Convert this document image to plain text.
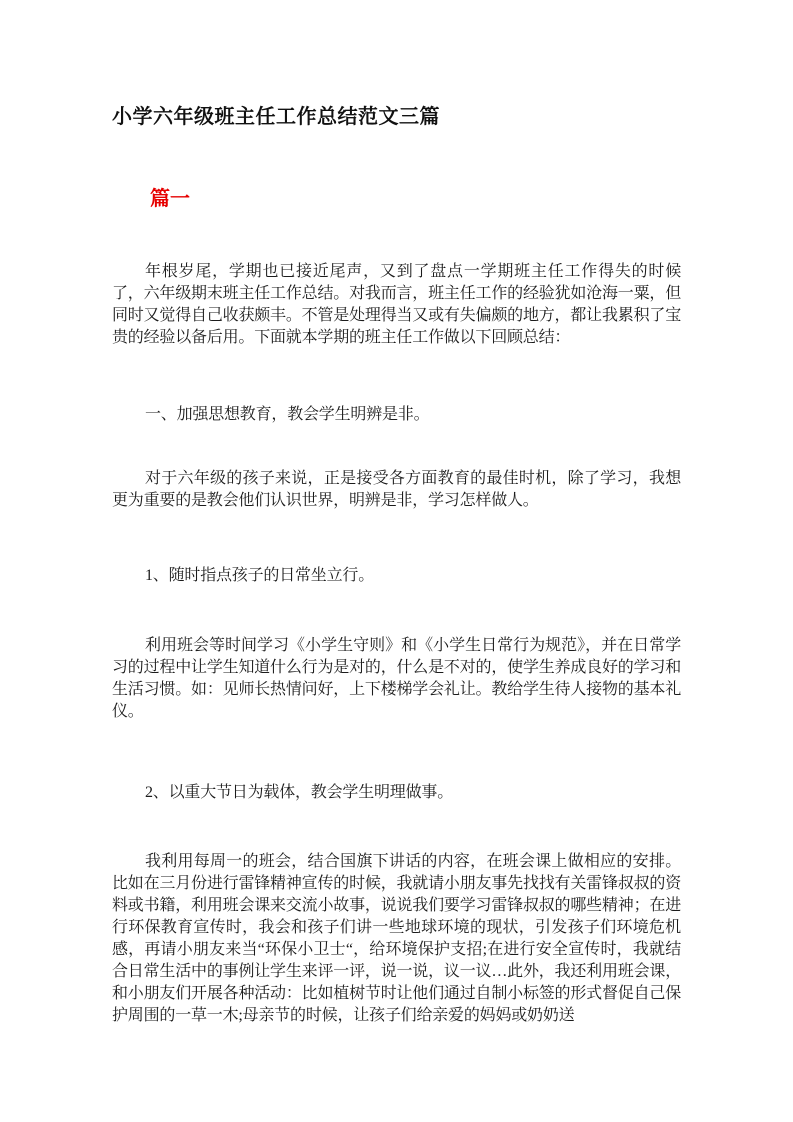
小学六年级班主任工作总结范文三篇
篇一

年根岁尾，学期也已接近尾声，又到了盘点一学期班主任工作得失的时候了，六年级期末班主任工作总结。对我而言，班主任工作的经验犹如沧海一粟，但同时又觉得自己收获颇丰。不管是处理得当又或有失偏颇的地方，都让我累积了宝贵的经验以备后用。下面就本学期的班主任工作做以下回顾总结：

一、加强思想教育，教会学生明辨是非。

对于六年级的孩子来说，正是接受各方面教育的最佳时机，除了学习，我想更为重要的是教会他们认识世界，明辨是非，学习怎样做人。

1、随时指点孩子的日常坐立行。

利用班会等时间学习《小学生守则》和《小学生日常行为规范》，并在日常学习的过程中让学生知道什么行为是对的，什么是不对的，使学生养成良好的学习和生活习惯。如：见师长热情问好，上下楼梯学会礼让。教给学生待人接物的基本礼仪。

2、以重大节日为载体，教会学生明理做事。

我利用每周一的班会，结合国旗下讲话的内容，在班会课上做相应的安排。比如在三月份进行雷锋精神宣传的时候，我就请小朋友事先找找有关雷锋叔叔的资料或书籍，利用班会课来交流小故事，说说我们要学习雷锋叔叔的哪些精神；在进行环保教育宣传时，我会和孩子们讲一些地球环境的现状，引发孩子们环境危机感，再请小朋友来当“环保小卫士“，给环境保护支招;在进行安全宣传时，我就结合日常生活中的事例让学生来评一评，说一说，议一议…此外，我还利用班会课，和小朋友们开展各种活动：比如植树节时让他们通过自制小标签的形式督促自己保护周围的一草一木;母亲节的时候，让孩子们给亲爱的妈妈或奶奶送
